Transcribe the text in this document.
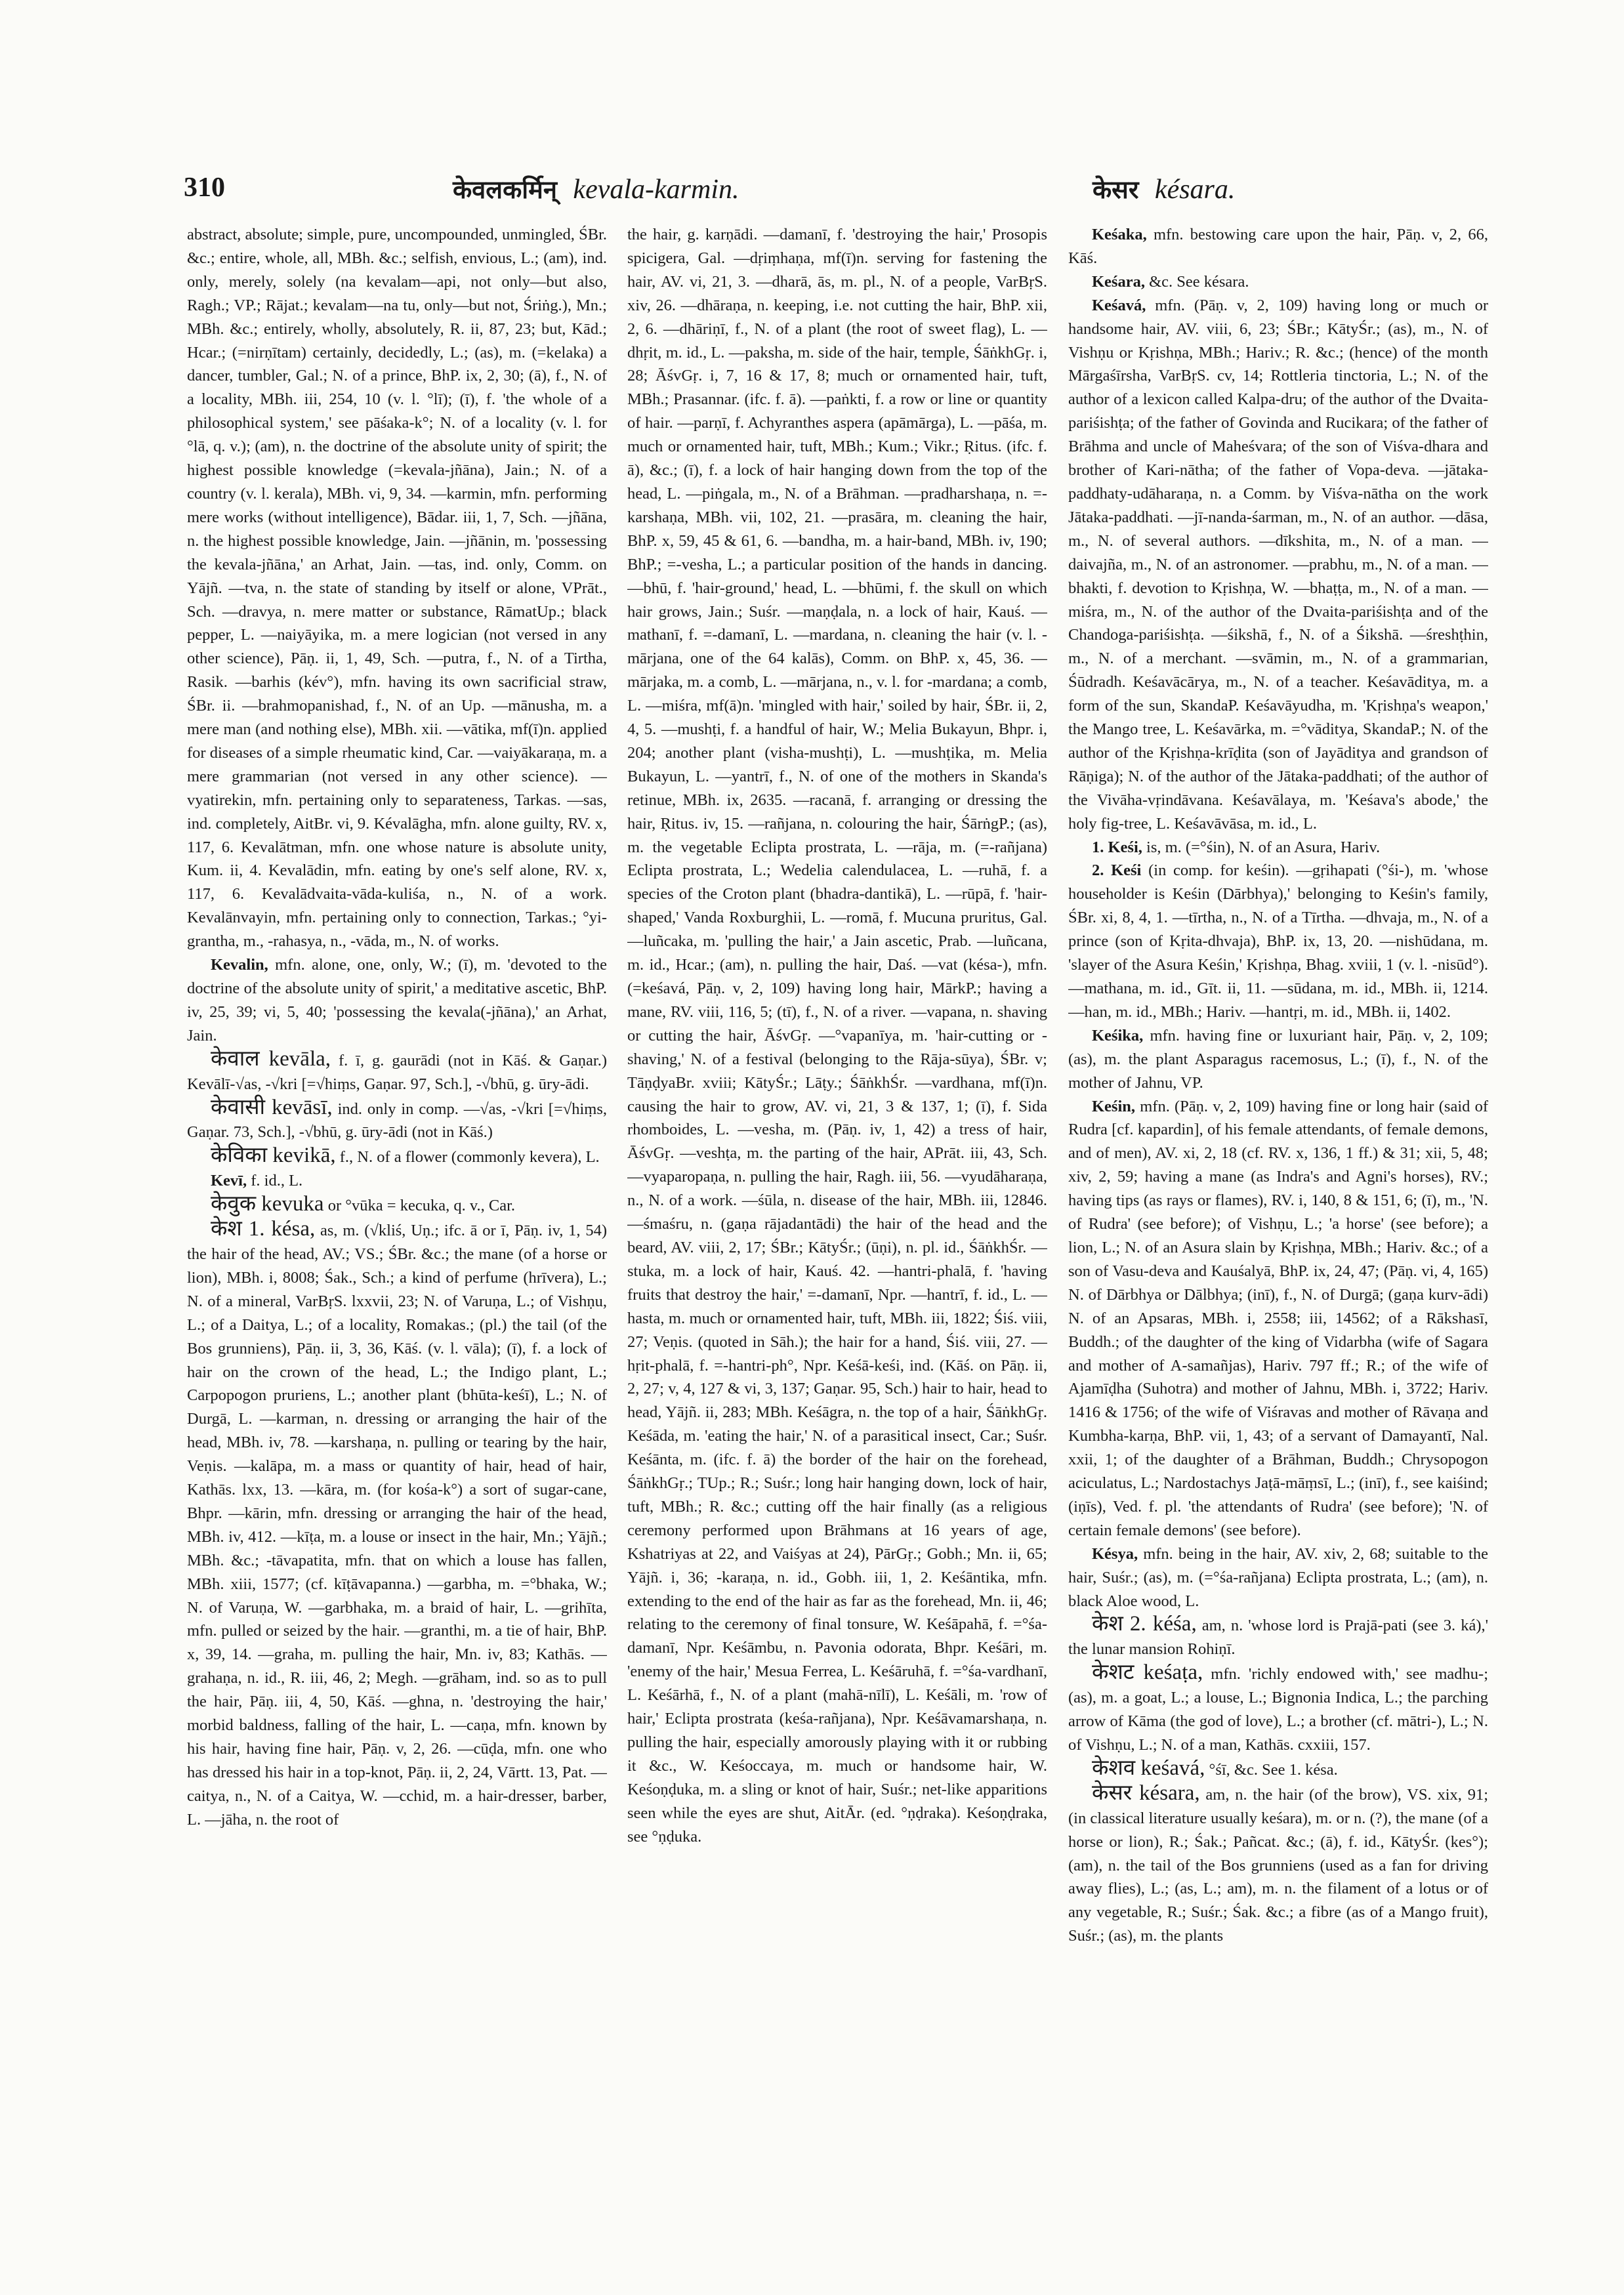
310	केवलकर्मिन् kevala-karmin.	केसर késara.

abstract, absolute; simple, pure, uncompounded, unmingled, ŚBr. &c.; entire, whole, all, MBh. &c.; selfish, envious, L.; (am), ind. only, merely, solely (na kevalam—api, not only—but also, Ragh.; VP.; Rājat.; kevalam—na tu, only—but not, Śriṅg.), Mn.; MBh. &c.; entirely, wholly, absolutely, R. ii, 87, 23; but, Kād.; Hcar.; (=nirṇītam) certainly, decidedly, L.; (as), m. (=kelaka) a dancer, tumbler, Gal.; N. of a prince, BhP. ix, 2, 30; (ā), f., N. of a locality, MBh. iii, 254, 10 (v. l. °lī); (ī), f. 'the whole of a philosophical system,' see pāśaka-k°; N. of a locality (v. l. for °lā, q. v.); (am), n. the doctrine of the absolute unity of spirit; the highest possible knowledge (=kevala-jñāna), Jain.; N. of a country (v. l. kerala), MBh. vi, 9, 34. —karmin, mfn. performing mere works (without intelligence), Bādar. iii, 1, 7, Sch. —jñāna, n. the highest possible knowledge, Jain. —jñānin, m. 'possessing the kevala-jñāna,' an Arhat, Jain. —tas, ind. only, Comm. on Yājñ. —tva, n. the state of standing by itself or alone, VPrāt., Sch. —dravya, n. mere matter or substance, RāmatUp.; black pepper, L. —naiyāyika, m. a mere logician (not versed in any other science), Pāṇ. ii, 1, 49, Sch. —putra, f., N. of a Tirtha, Rasik. —barhis (kév°), mfn. having its own sacrificial straw, ŚBr. ii. —brahmopanishad, f., N. of an Up. —mānusha, m. a mere man (and nothing else), MBh. xii. —vātika, mf(ī)n. applied for diseases of a simple rheumatic kind, Car. —vaiyākaraṇa, m. a mere grammarian (not versed in any other science). —vyatirekin, mfn. pertaining only to separateness, Tarkas. —sas, ind. completely, AitBr. vi, 9. Kévalāgha, mfn. alone guilty, RV. x, 117, 6. Kevalātman, mfn. one whose nature is absolute unity, Kum. ii, 4. Kevalādin, mfn. eating by one's self alone, RV. x, 117, 6. Kevalādvaita-vāda-kuliśa, n., N. of a work. Kevalānvayin, mfn. pertaining only to connection, Tarkas.; °yi-grantha, m., -rahasya, n., -vāda, m., N. of works.

Kevalin, mfn. alone, one, only, W.; (ī), m. 'devoted to the doctrine of the absolute unity of spirit,' a meditative ascetic, BhP. iv, 25, 39; vi, 5, 40; 'possessing the kevala(-jñāna),' an Arhat, Jain.

केवाल kevāla, f. ī, g. gaurādi (not in Kāś. & Gaṇar.) Kevālī-√as, -√kri [=√hiṃs, Gaṇar. 97, Sch.], -√bhū, g. ūry-ādi.

केवासी kevāsī, ind. only in comp. —√as, -√kri [=√hiṃs, Gaṇar. 73, Sch.], -√bhū, g. ūry-ādi (not in Kāś.)

केविका kevikā, f., N. of a flower (commonly kevera), L.

Kevī, f. id., L.

केवुक kevuka or °vūka = kecuka, q. v., Car.

केश 1. késa, as, m. (√kliś, Uṇ.; ifc. ā or ī, Pāṇ. iv, 1, 54) the hair of the head, AV.; VS.; ŚBr. &c.; the mane (of a horse or lion), MBh. i, 8008; Śak., Sch.; a kind of perfume (hrīvera), L.; N. of a mineral, VarBṛS. lxxvii, 23; N. of Varuṇa, L.; of Vishṇu, L.; of a Daitya, L.; of a locality, Romakas.; (pl.) the tail (of the Bos grunniens), Pāṇ. ii, 3, 36, Kāś. (v. l. vāla); (ī), f. a lock of hair on the crown of the head, L.; the Indigo plant, L.; Carpopogon pruriens, L.; another plant (bhūta-keśī), L.; N. of Durgā, L. —karman, n. dressing or arranging the hair of the head, MBh. iv, 78. —karshaṇa, n. pulling or tearing by the hair, Veṇis. —kalāpa, m. a mass or quantity of hair, head of hair, Kathās. lxx, 13. —kāra, m. (for kośa-k°) a sort of sugar-cane, Bhpr. —kārin, mfn. dressing or arranging the hair of the head, MBh. iv, 412. —kīṭa, m. a louse or insect in the hair, Mn.; Yājñ.; MBh. &c.; -tāvapatita, mfn. that on which a louse has fallen, MBh. xiii, 1577; (cf. kīṭāvapanna.) —garbha, m. =°bhaka, W.; N. of Varuṇa, W. —garbhaka, m. a braid of hair, L. —grihīta, mfn. pulled or seized by the hair. —granthi, m. a tie of hair, BhP. x, 39, 14. —graha, m. pulling the hair, Mn. iv, 83; Kathās. —grahaṇa, n. id., R. iii, 46, 2; Megh. —grāham, ind. so as to pull the hair, Pāṇ. iii, 4, 50, Kāś. —ghna, n. 'destroying the hair,' morbid baldness, falling of the hair, L. —caṇa, mfn. known by his hair, having fine hair, Pāṇ. v, 2, 26. —cūḍa, mfn. one who has dressed his hair in a top-knot, Pāṇ. ii, 2, 24, Vārtt. 13, Pat. —caitya, n., N. of a Caitya, W. —cchid, m. a hair-dresser, barber, L. —jāha, n. the root of

the hair, g. karṇādi. —damanī, f. 'destroying the hair,' Prosopis spicigera, Gal. —dṛiṃhaṇa, mf(ī)n. serving for fastening the hair, AV. vi, 21, 3. —dharā, ās, m. pl., N. of a people, VarBṛS. xiv, 26. —dhāraṇa, n. keeping, i.e. not cutting the hair, BhP. xii, 2, 6. —dhāriṇī, f., N. of a plant (the root of sweet flag), L. —dhṛit, m. id., L. —paksha, m. side of the hair, temple, ŚāṅkhGṛ. i, 28; ĀśvGṛ. i, 7, 16 & 17, 8; much or ornamented hair, tuft, MBh.; Prasannar. (ifc. f. ā). —paṅkti, f. a row or line or quantity of hair. —parṇī, f. Achyranthes aspera (apāmārga), L. —pāśa, m. much or ornamented hair, tuft, MBh.; Kum.; Vikr.; Ṛitus. (ifc. f. ā), &c.; (ī), f. a lock of hair hanging down from the top of the head, L. —piṅgala, m., N. of a Brāhman. —pradharshaṇa, n. =-karshaṇa, MBh. vii, 102, 21. —prasāra, m. cleaning the hair, BhP. x, 59, 45 & 61, 6. —bandha, m. a hair-band, MBh. iv, 190; BhP.; =-vesha, L.; a particular position of the hands in dancing. —bhū, f. 'hair-ground,' head, L. —bhūmi, f. the skull on which hair grows, Jain.; Suśr. —maṇḍala, n. a lock of hair, Kauś. —mathanī, f. =-damanī, L. —mardana, n. cleaning the hair (v. l. -mārjana, one of the 64 kalās), Comm. on BhP. x, 45, 36. —mārjaka, m. a comb, L. —mārjana, n., v. l. for -mardana; a comb, L. —miśra, mf(ā)n. 'mingled with hair,' soiled by hair, ŚBr. ii, 2, 4, 5. —mushṭi, f. a handful of hair, W.; Melia Bukayun, Bhpr. i, 204; another plant (visha-mushṭi), L. —mushṭika, m. Melia Bukayun, L. —yantrī, f., N. of one of the mothers in Skanda's retinue, MBh. ix, 2635. —racanā, f. arranging or dressing the hair, Ṛitus. iv, 15. —rañjana, n. colouring the hair, ŚārṅgP.; (as), m. the vegetable Eclipta prostrata, L. —rāja, m. (=-rañjana) Eclipta prostrata, L.; Wedelia calendulacea, L. —ruhā, f. a species of the Croton plant (bhadra-dantikā), L. —rūpā, f. 'hair-shaped,' Vanda Roxburghii, L. —romā, f. Mucuna pruritus, Gal. —luñcaka, m. 'pulling the hair,' a Jain ascetic, Prab. —luñcana, m. id., Hcar.; (am), n. pulling the hair, Daś. —vat (késa-), mfn. (=keśavá, Pāṇ. v, 2, 109) having long hair, MārkP.; having a mane, RV. viii, 116, 5; (tī), f., N. of a river. —vapana, n. shaving or cutting the hair, ĀśvGṛ. —°vapanīya, m. 'hair-cutting or -shaving,' N. of a festival (belonging to the Rāja-sūya), ŚBr. v; TāṇḍyaBr. xviii; KātyŚr.; Lāṭy.; ŚāṅkhŚr. —vardhana, mf(ī)n. causing the hair to grow, AV. vi, 21, 3 & 137, 1; (ī), f. Sida rhomboides, L. —vesha, m. (Pāṇ. iv, 1, 42) a tress of hair, ĀśvGṛ. —veshṭa, m. the parting of the hair, APrāt. iii, 43, Sch. —vyaparopaṇa, n. pulling the hair, Ragh. iii, 56. —vyudāharaṇa, n., N. of a work. —śūla, n. disease of the hair, MBh. iii, 12846. —śmaśru, n. (gaṇa rājadantādi) the hair of the head and the beard, AV. viii, 2, 17; ŚBr.; KātyŚr.; (ūṇi), n. pl. id., ŚāṅkhŚr. —stuka, m. a lock of hair, Kauś. 42. —hantri-phalā, f. 'having fruits that destroy the hair,' =-damanī, Npr. —hantrī, f. id., L. —hasta, m. much or ornamented hair, tuft, MBh. iii, 1822; Śiś. viii, 27; Veṇis. (quoted in Sāh.); the hair for a hand, Śiś. viii, 27. —hṛit-phalā, f. =-hantri-ph°, Npr. Keśā-keśi, ind. (Kāś. on Pāṇ. ii, 2, 27; v, 4, 127 & vi, 3, 137; Gaṇar. 95, Sch.) hair to hair, head to head, Yājñ. ii, 283; MBh. Keśāgra, n. the top of a hair, ŚāṅkhGṛ. Keśāda, m. 'eating the hair,' N. of a parasitical insect, Car.; Suśr. Keśānta, m. (ifc. f. ā) the border of the hair on the forehead, ŚāṅkhGṛ.; TUp.; R.; Suśr.; long hair hanging down, lock of hair, tuft, MBh.; R. &c.; cutting off the hair finally (as a religious ceremony performed upon Brāhmans at 16 years of age, Kshatriyas at 22, and Vaiśyas at 24), PārGṛ.; Gobh.; Mn. ii, 65; Yājñ. i, 36; -karaṇa, n. id., Gobh. iii, 1, 2. Keśāntika, mfn. extending to the end of the hair as far as the forehead, Mn. ii, 46; relating to the ceremony of final tonsure, W. Keśāpahā, f. =°śa-damanī, Npr. Keśāmbu, n. Pavonia odorata, Bhpr. Keśāri, m. 'enemy of the hair,' Mesua Ferrea, L. Keśāruhā, f. =°śa-vardhanī, L. Keśārhā, f., N. of a plant (mahā-nīlī), L. Keśāli, m. 'row of hair,' Eclipta prostrata (keśa-rañjana), Npr. Keśāvamarshaṇa, n. pulling the hair, especially amorously playing with it or rubbing it &c., W. Keśoccaya, m. much or handsome hair, W. Keśoṇḍuka, m. a sling or knot of hair, Suśr.; net-like apparitions seen while the eyes are shut, AitĀr. (ed. °ṇḍraka). Keśoṇḍraka, see °ṇḍuka.

Keśaka, mfn. bestowing care upon the hair, Pāṇ. v, 2, 66, Kāś.

Keśara, &c. See késara.

Keśavá, mfn. (Pāṇ. v, 2, 109) having long or much or handsome hair, AV. viii, 6, 23; ŚBr.; KātyŚr.; (as), m., N. of Vishṇu or Kṛishṇa, MBh.; Hariv.; R. &c.; (hence) of the month Mārgaśīrsha, VarBṛS. cv, 14; Rottleria tinctoria, L.; N. of the author of a lexicon called Kalpa-dru; of the author of the Dvaita-pariśishṭa; of the father of Govinda and Rucikara; of the father of Brāhma and uncle of Maheśvara; of the son of Viśva-dhara and brother of Kari-nātha; of the father of Vopa-deva. —jātaka-paddhaty-udāharaṇa, n. a Comm. by Viśva-nātha on the work Jātaka-paddhati. —jī-nanda-śarman, m., N. of an author. —dāsa, m., N. of several authors. —dīkshita, m., N. of a man. —daivajña, m., N. of an astronomer. —prabhu, m., N. of a man. —bhakti, f. devotion to Kṛishṇa, W. —bhaṭṭa, m., N. of a man. —miśra, m., N. of the author of the Dvaita-pariśishṭa and of the Chandoga-pariśishṭa. —śikshā, f., N. of a Śikshā. —śreshṭhin, m., N. of a merchant. —svāmin, m., N. of a grammarian, Śūdradh. Keśavācārya, m., N. of a teacher. Keśavāditya, m. a form of the sun, SkandaP. Keśavāyudha, m. 'Kṛishṇa's weapon,' the Mango tree, L. Keśavārka, m. =°vāditya, SkandaP.; N. of the author of the Kṛishṇa-krīḍita (son of Jayāditya and grandson of Rāṇiga); N. of the author of the Jātaka-paddhati; of the author of the Vivāha-vṛindāvana. Keśavālaya, m. 'Keśava's abode,' the holy fig-tree, L. Keśavāvāsa, m. id., L.

1. Keśi, is, m. (=°śin), N. of an Asura, Hariv.

2. Keśi (in comp. for keśin). —gṛihapati (°śi-), m. 'whose householder is Keśin (Dārbhya),' belonging to Keśin's family, ŚBr. xi, 8, 4, 1. —tīrtha, n., N. of a Tīrtha. —dhvaja, m., N. of a prince (son of Kṛita-dhvaja), BhP. ix, 13, 20. —nishūdana, m. 'slayer of the Asura Keśin,' Kṛishṇa, Bhag. xviii, 1 (v. l. -nisūd°). —mathana, m. id., Gīt. ii, 11. —sūdana, m. id., MBh. ii, 1214. —han, m. id., MBh.; Hariv. —hantṛi, m. id., MBh. ii, 1402.

Keśika, mfn. having fine or luxuriant hair, Pāṇ. v, 2, 109; (as), m. the plant Asparagus racemosus, L.; (ī), f., N. of the mother of Jahnu, VP.

Keśin, mfn. (Pāṇ. v, 2, 109) having fine or long hair (said of Rudra [cf. kapardin], of his female attendants, of female demons, and of men), AV. xi, 2, 18 (cf. RV. x, 136, 1 ff.) & 31; xii, 5, 48; xiv, 2, 59; having a mane (as Indra's and Agni's horses), RV.; having tips (as rays or flames), RV. i, 140, 8 & 151, 6; (ī), m., 'N. of Rudra' (see before); of Vishṇu, L.; 'a horse' (see before); a lion, L.; N. of an Asura slain by Kṛishṇa, MBh.; Hariv. &c.; of a son of Vasu-deva and Kauśalyā, BhP. ix, 24, 47; (Pāṇ. vi, 4, 165) N. of Dārbhya or Dālbhya; (inī), f., N. of Durgā; (gaṇa kurv-ādi) N. of an Apsaras, MBh. i, 2558; iii, 14562; of a Rākshasī, Buddh.; of the daughter of the king of Vidarbha (wife of Sagara and mother of A-samañjas), Hariv. 797 ff.; R.; of the wife of Ajamīḍha (Suhotra) and mother of Jahnu, MBh. i, 3722; Hariv. 1416 & 1756; of the wife of Viśravas and mother of Rāvaṇa and Kumbha-karṇa, BhP. vii, 1, 43; of a servant of Damayantī, Nal. xxii, 1; of the daughter of a Brāhman, Buddh.; Chrysopogon aciculatus, L.; Nardostachys Jaṭā-māṃsī, L.; (inī), f., see kaiśind; (iṇīs), Ved. f. pl. 'the attendants of Rudra' (see before); 'N. of certain female demons' (see before).

Késya, mfn. being in the hair, AV. xiv, 2, 68; suitable to the hair, Suśr.; (as), m. (=°śa-rañjana) Eclipta prostrata, L.; (am), n. black Aloe wood, L.

केश 2. kéśa, am, n. 'whose lord is Prajā-pati (see 3. ká),' the lunar mansion Rohiṇī.

केशट keśaṭa, mfn. 'richly endowed with,' see madhu-; (as), m. a goat, L.; a louse, L.; Bignonia Indica, L.; the parching arrow of Kāma (the god of love), L.; a brother (cf. mātri-), L.; N. of Vishṇu, L.; N. of a man, Kathās. cxxiii, 157.

केशव keśavá, °śī, &c. See 1. késa.

केसर késara, am, n. the hair (of the brow), VS. xix, 91; (in classical literature usually keśara), m. or n. (?), the mane (of a horse or lion), R.; Śak.; Pañcat. &c.; (ā), f. id., KātyŚr. (kes°); (am), n. the tail of the Bos grunniens (used as a fan for driving away flies), L.; (as, L.; am), m. n. the filament of a lotus or of any vegetable, R.; Suśr.; Śak. &c.; a fibre (as of a Mango fruit), Suśr.; (as), m. the plants
